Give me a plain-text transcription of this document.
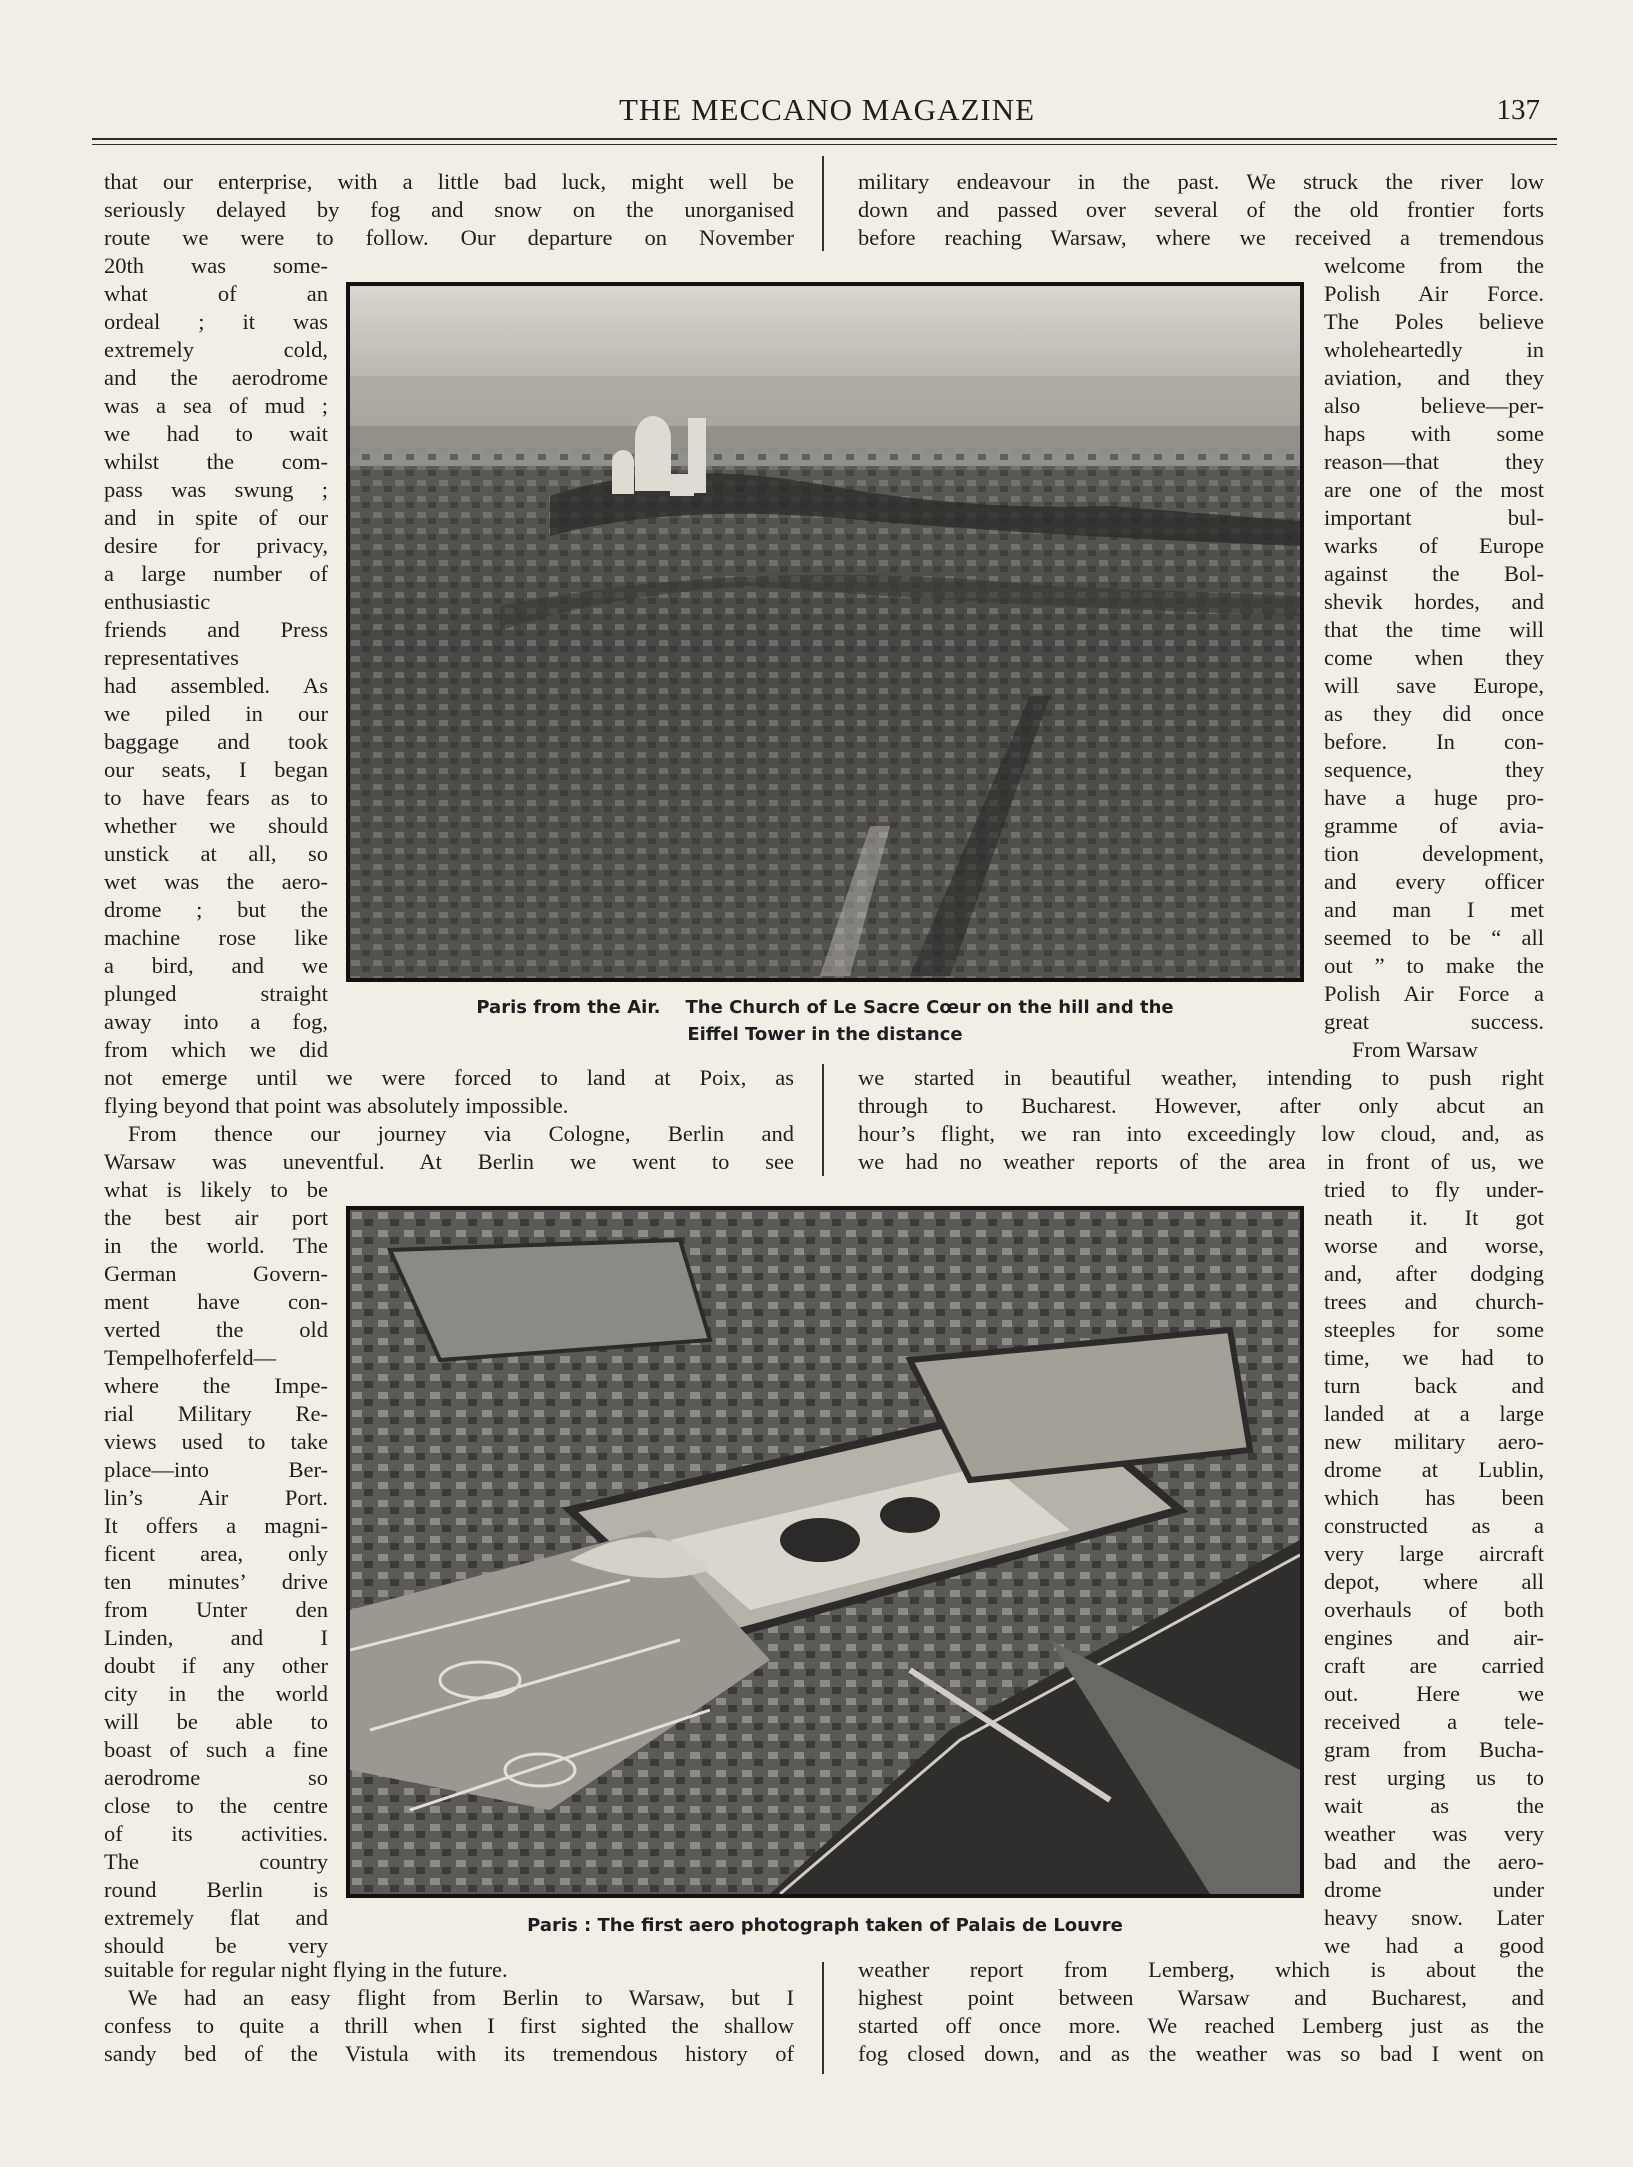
THE MECCANO MAGAZINE	137

that our enterprise, with a little bad luck, might well be

seriously delayed by fog and snow on the unorganised

route we were to follow. Our departure on November

military endeavour in the past. We struck the river low

down and passed over several of the old frontier forts

before reaching Warsaw, where we received a tremendous

20th was some-

what of an

ordeal ; it was

extremely cold,

and the aerodrome

was a sea of mud ;

we had to wait

whilst the com-

pass was swung ;

and in spite of our

desire for privacy,

a large number of

enthusiastic

friends and Press

representatives

had assembled. As

we piled in our

baggage and took

our seats, I began

to have fears as to

whether we should

unstick at all, so

wet was the aero-

drome ; but the

machine rose like

a bird, and we

plunged straight

away into a fog,

from which we did

welcome from the

Polish Air Force.

The Poles believe

wholeheartedly in

aviation, and they

also believe—per-

haps with some

reason—that they

are one of the most

important bul-

warks of Europe

against the Bol-

shevik hordes, and

that the time will

come when they

will save Europe,

as they did once

before. In con-

sequence, they

have a huge pro-

gramme of avia-

tion development,

and every officer

and man I met

seemed to be “ all

out ” to make the

Polish Air Force a

great success.

From Warsaw

Paris from the Air.    The Church of Le Sacre Cœur on the hill and the
Eiffel Tower in the distance

not emerge until we were forced to land at Poix, as

flying beyond that point was absolutely impossible.

From thence our journey via Cologne, Berlin and

Warsaw was uneventful. At Berlin we went to see

we started in beautiful weather, intending to push right

through to Bucharest. However, after only abcut an

hour’s flight, we ran into exceedingly low cloud, and, as

we had no weather reports of the area in front of us, we

what is likely to be

the best air port

in the world. The

German Govern-

ment have con-

verted the old

Tempelhoferfeld—

where the Impe-

rial Military Re-

views used to take

place—into Ber-

lin’s Air Port.

It offers a magni-

ficent area, only

ten minutes’ drive

from Unter den

Linden, and I

doubt if any other

city in the world

will be able to

boast of such a fine

aerodrome so

close to the centre

of its activities.

The country

round Berlin is

extremely flat and

should be very

tried to fly under-

neath it. It got

worse and worse,

and, after dodging

trees and church-

steeples for some

time, we had to

turn back and

landed at a large

new military aero-

drome at Lublin,

which has been

constructed as a

very large aircraft

depot, where all

overhauls of both

engines and air-

craft are carried

out. Here we

received a tele-

gram from Bucha-

rest urging us to

wait as the

weather was very

bad and the aero-

drome under

heavy snow. Later

we had a good

Paris : The first aero photograph taken of Palais de Louvre

suitable for regular night flying in the future.

We had an easy flight from Berlin to Warsaw, but I

confess to quite a thrill when I first sighted the shallow

sandy bed of the Vistula with its tremendous history of

weather report from Lemberg, which is about the

highest point between Warsaw and Bucharest, and

started off once more. We reached Lemberg just as the

fog closed down, and as the weather was so bad I went on
